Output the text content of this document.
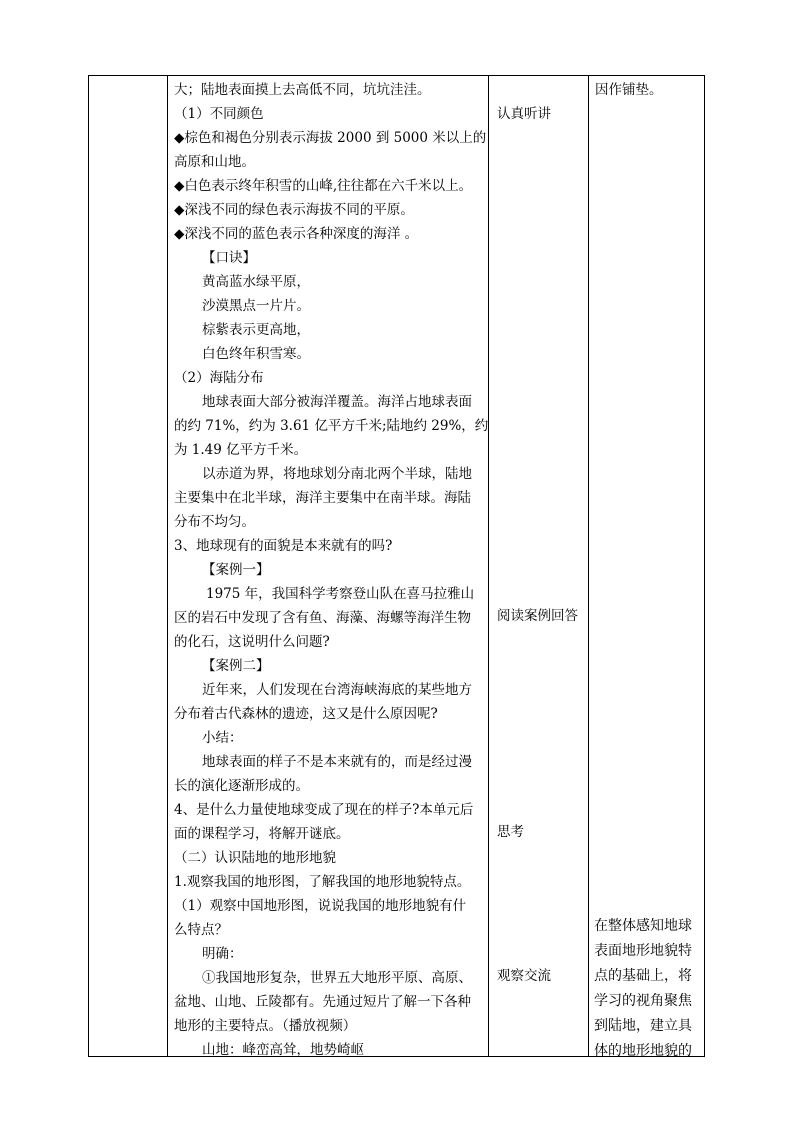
大；陆地表面摸上去高低不同，坑坑洼洼。
（1）不同颜色
◆棕色和褐色分别表示海拔 2000 到 5000 米以上的
高原和山地。
◆白色表示终年积雪的山峰,往往都在六千米以上。
◆深浅不同的绿色表示海拔不同的平原。
◆深浅不同的蓝色表示各种深度的海洋 。
【口诀】
黄高蓝水绿平原，
沙漠黑点一片片。
棕紫表示更高地，
白色终年积雪寒。
（2）海陆分布
地球表面大部分被海洋覆盖。海洋占地球表面
的约 71%，约为 3.61 亿平方千米;陆地约 29%，约
为 1.49 亿平方千米。
以赤道为界，将地球划分南北两个半球，陆地
主要集中在北半球，海洋主要集中在南半球。海陆
分布不均匀。
3、地球现有的面貌是本来就有的吗?
【案例一】
1975 年，我国科学考察登山队在喜马拉雅山
区的岩石中发现了含有鱼、海藻、海螺等海洋生物
的化石，这说明什么问题?
【案例二】
近年来，人们发现在台湾海峡海底的某些地方
分布着古代森林的遗迹，这又是什么原因呢?
小结：
地球表面的样子不是本来就有的，而是经过漫
长的演化逐渐形成的。
4、是什么力量使地球变成了现在的样子?本单元后
面的课程学习，将解开谜底。
（二）认识陆地的地形地貌
1.观察我国的地形图，了解我国的地形地貌特点。
（1）观察中国地形图，说说我国的地形地貌有什
么特点？
明确：
①我国地形复杂，世界五大地形平原、高原、
盆地、山地、丘陵都有。先通过短片了解一下各种
地形的主要特点。（播放视频）
山地：峰峦高耸，地势崎岖
认真听讲
阅读案例回答
思考
观察交流
因作铺垫。
在整体感知地球
表面地形地貌特
点的基础上，将
学习的视角聚焦
到陆地，建立具
体的地形地貌的
